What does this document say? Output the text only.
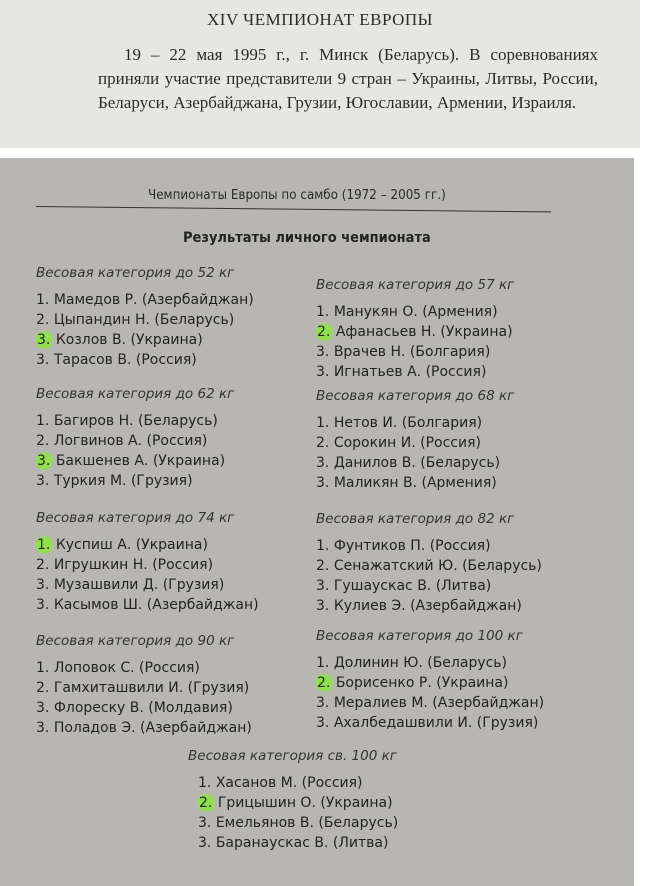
XIV ЧЕМПИОНАТ ЕВРОПЫ
19 – 22 мая 1995 г., г. Минск (Беларусь). В соревнованиях приняли участие представители 9 стран – Украины, Литвы, России, Беларуси, Азербайджана, Грузии, Югославии, Армении, Израиля.
Чемпионаты Европы по самбо (1972 – 2005 гг.)
Результаты личного чемпионата
Весовая категория до 52 кг
1. Мамедов Р. (Азербайджан)
2. Цыпандин Н. (Беларусь)
3. Козлов В. (Украина)
3. Тарасов В. (Россия)
Весовая категория до 57 кг
1. Манукян О. (Армения)
2. Афанасьев Н. (Украина)
3. Врачев Н. (Болгария)
3. Игнатьев А. (Россия)
Весовая категория до 62 кг
1. Багиров Н. (Беларусь)
2. Логвинов А. (Россия)
3. Бакшенев А. (Украина)
3. Туркия М. (Грузия)
Весовая категория до 68 кг
1. Нетов И. (Болгария)
2. Сорокин И. (Россия)
3. Данилов В. (Беларусь)
3. Маликян В. (Армения)
Весовая категория до 74 кг
1. Куспиш А. (Украина)
2. Игрушкин Н. (Россия)
3. Музашвили Д. (Грузия)
3. Касымов Ш. (Азербайджан)
Весовая категория до 82 кг
1. Фунтиков П. (Россия)
2. Сенажатский Ю. (Беларусь)
3. Гушаускас В. (Литва)
3. Кулиев Э. (Азербайджан)
Весовая категория до 90 кг
1. Лоповок С. (Россия)
2. Гамхиташвили И. (Грузия)
3. Флореску В. (Молдавия)
3. Поладов Э. (Азербайджан)
Весовая категория до 100 кг
1. Долинин Ю. (Беларусь)
2. Борисенко Р. (Украина)
3. Мералиев М. (Азербайджан)
3. Ахалбедашвили И. (Грузия)
Весовая категория св. 100 кг
1. Хасанов М. (Россия)
2. Грицышин О. (Украина)
3. Емельянов В. (Беларусь)
3. Баранаускас В. (Литва)
